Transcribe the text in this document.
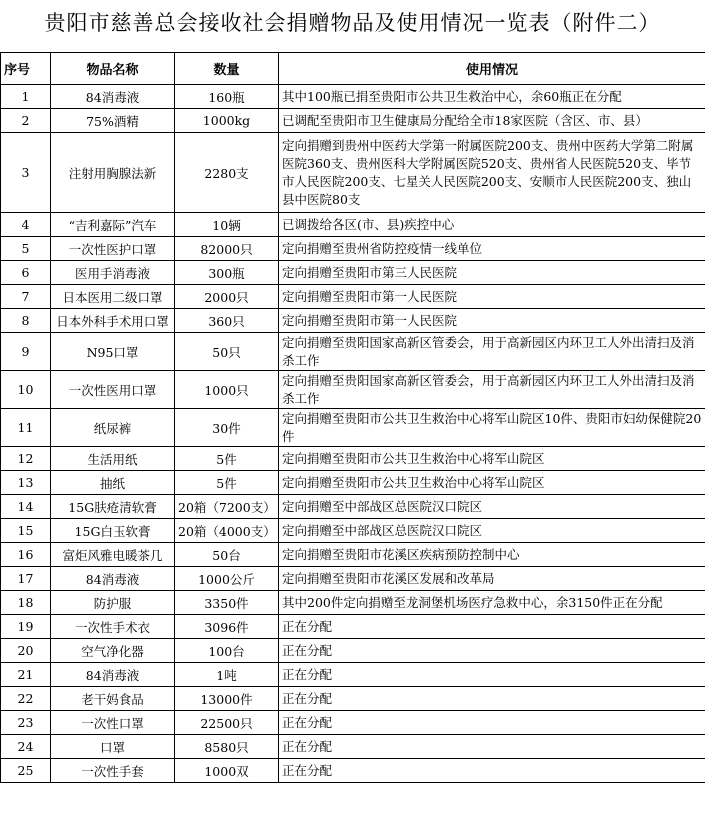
贵阳市慈善总会接收社会捐赠物品及使用情况一览表（附件二）
序号	物品名称	数量	使用情况
1	84消毒液	160瓶	其中100瓶已捐至贵阳市公共卫生救治中心，余60瓶正在分配
2	75%酒精	1000kg	已调配至贵阳市卫生健康局分配给全市18家医院（含区、市、县）
3	注射用胸腺法新	2280支	定向捐赠到贵州中医药大学第一附属医院200支、贵州中医药大学第二附属医院360支、贵州医科大学附属医院520支、贵州省人民医院520支、毕节市人民医院200支、七星关人民医院200支、安顺市人民医院200支、独山县中医院80支
4	“吉利嘉际”汽车	10辆	已调拨给各区(市、县)疾控中心
5	一次性医护口罩	82000只	定向捐赠至贵州省防控疫情一线单位
6	医用手消毒液	300瓶	定向捐赠至贵阳市第三人民医院
7	日本医用二级口罩	2000只	定向捐赠至贵阳市第一人民医院
8	日本外科手术用口罩	360只	定向捐赠至贵阳市第一人民医院
9	N95口罩	50只	定向捐赠至贵阳国家高新区管委会，用于高新园区内环卫工人外出清扫及消杀工作
10	一次性医用口罩	1000只	定向捐赠至贵阳国家高新区管委会，用于高新园区内环卫工人外出清扫及消杀工作
11	纸尿裤	30件	定向捐赠至贵阳市公共卫生救治中心将军山院区10件、贵阳市妇幼保健院20件
12	生活用纸	5件	定向捐赠至贵阳市公共卫生救治中心将军山院区
13	抽纸	5件	定向捐赠至贵阳市公共卫生救治中心将军山院区
14	15G肤疮清软膏	20箱（7200支）	定向捐赠至中部战区总医院汉口院区
15	15G白玉软膏	20箱（4000支）	定向捐赠至中部战区总医院汉口院区
16	富炬风雅电暖茶几	50台	定向捐赠至贵阳市花溪区疾病预防控制中心
17	84消毒液	1000公斤	定向捐赠至贵阳市花溪区发展和改革局
18	防护服	3350件	其中200件定向捐赠至龙洞堡机场医疗急救中心，余3150件正在分配
19	一次性手术衣	3096件	正在分配
20	空气净化器	100台	正在分配
21	84消毒液	1吨	正在分配
22	老干妈食品	13000件	正在分配
23	一次性口罩	22500只	正在分配
24	口罩	8580只	正在分配
25	一次性手套	1000双	正在分配
